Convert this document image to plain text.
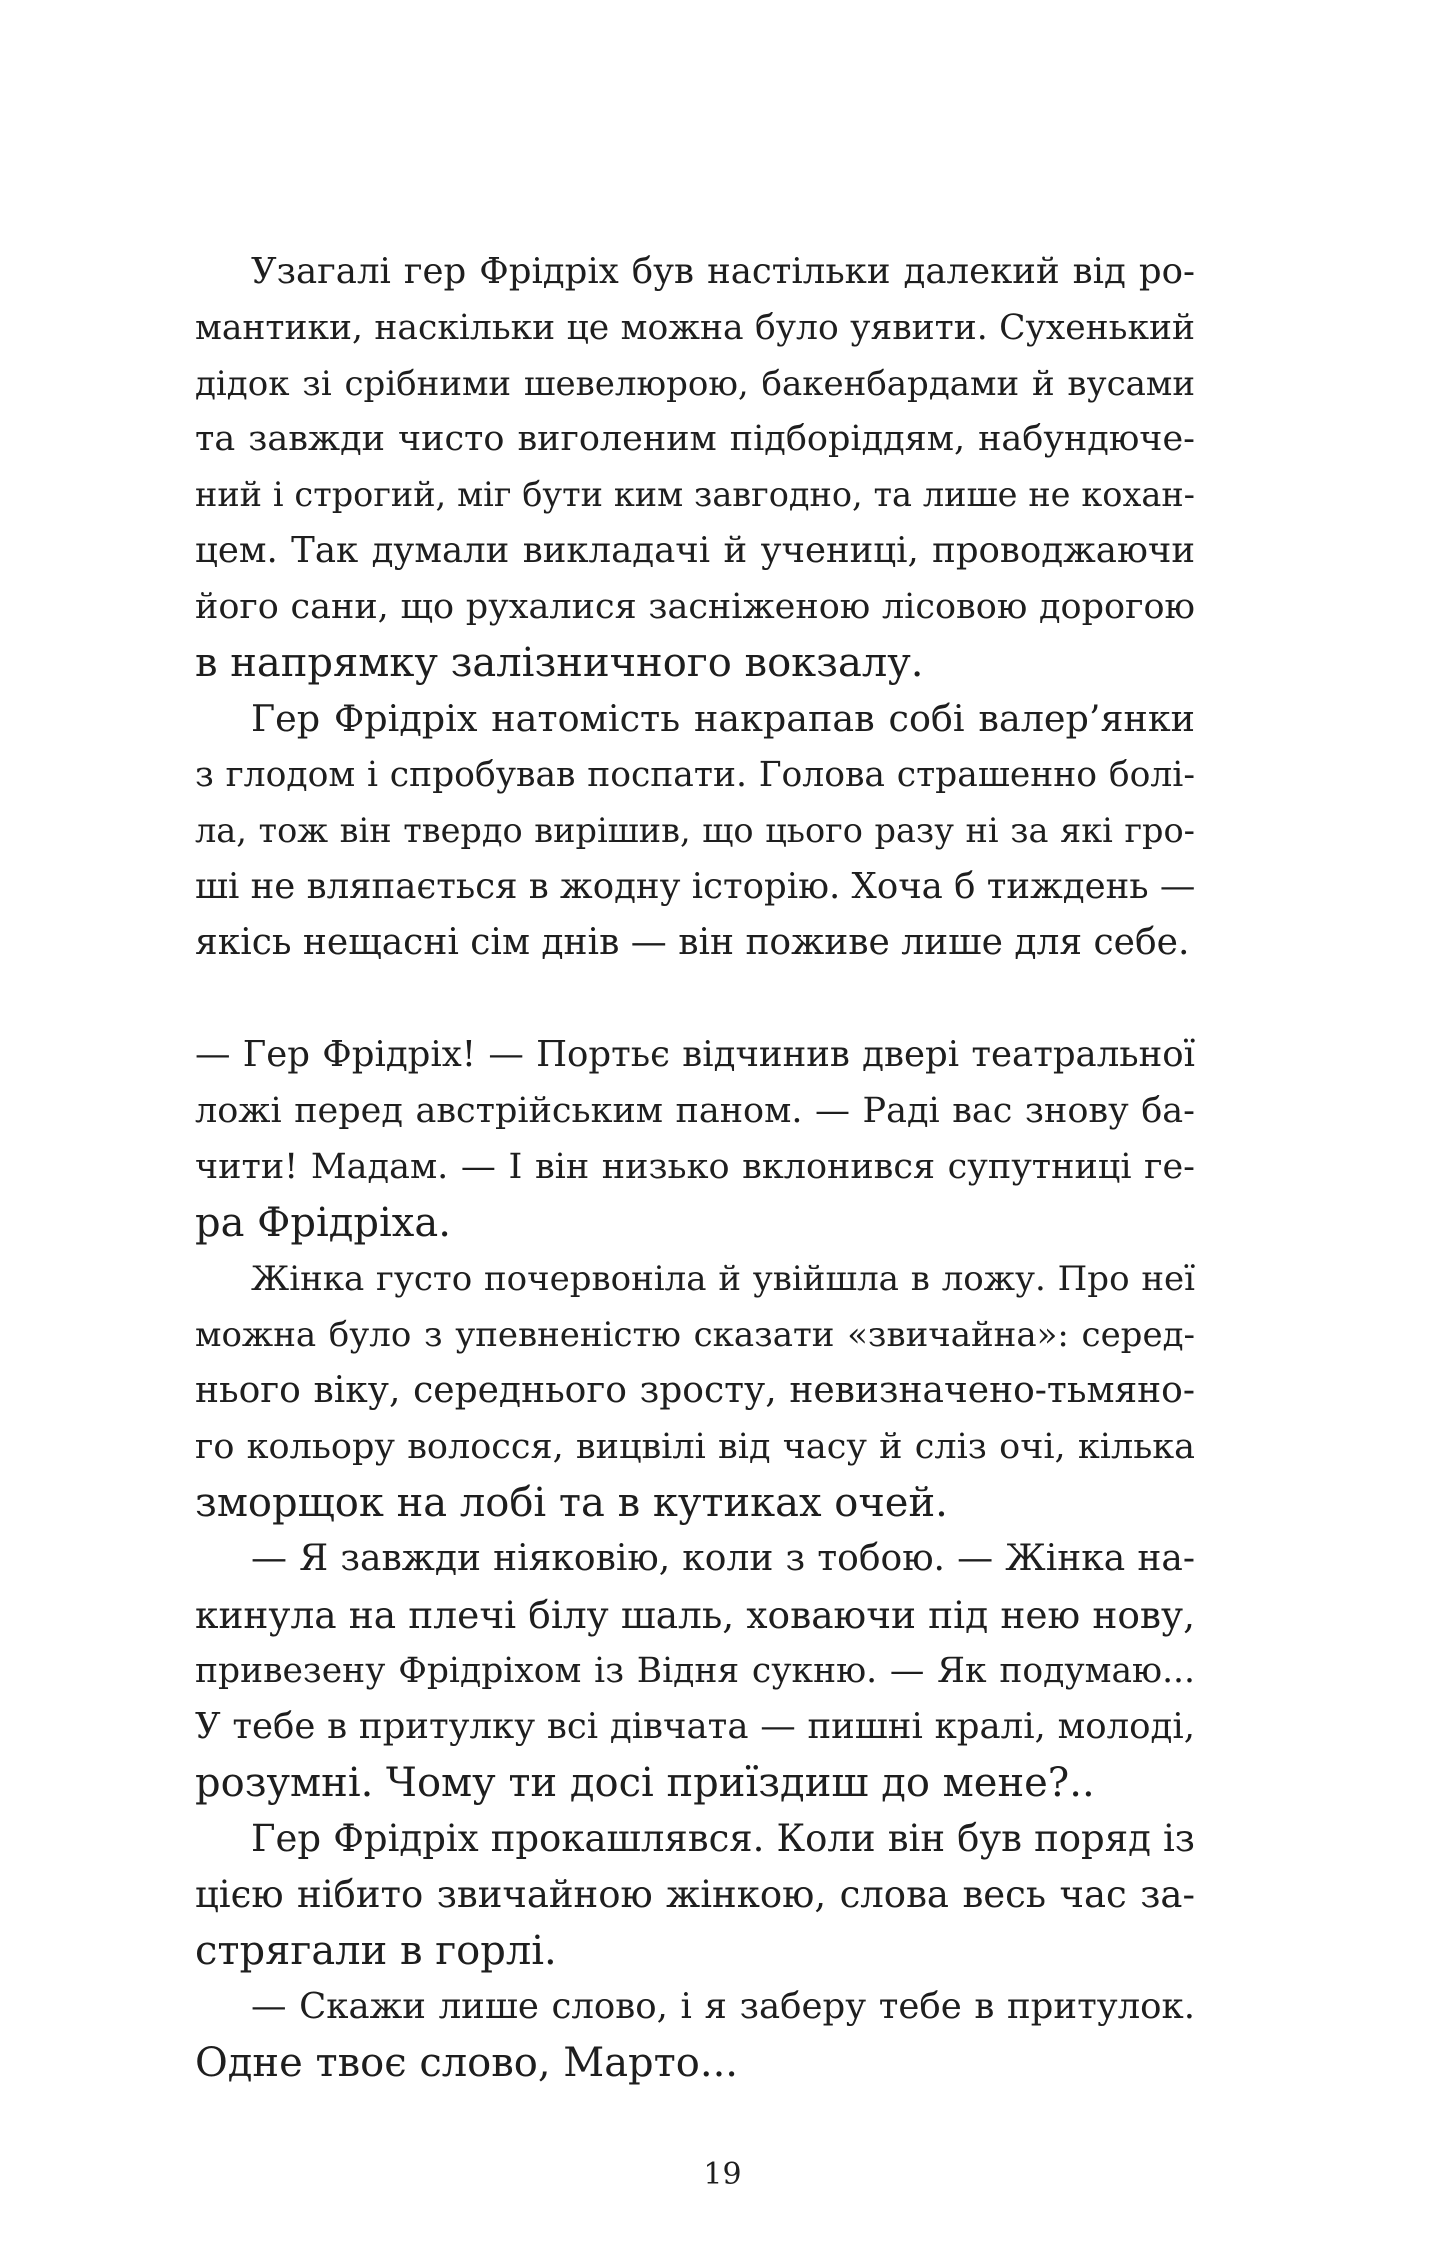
Узагалі гер Фрідріх був настільки далекий від ро-

мантики, наскільки це можна було уявити. Сухенький

дідок зі срібними шевелюрою, бакенбардами й вусами

та завжди чисто виголеним підборіддям, набундюче-

ний і строгий, міг бути ким завгодно, та лише не кохан-

цем. Так думали викладачі й учениці, проводжаючи

його сани, що рухалися засніженою лісовою дорогою

в напрямку залізничного вокзалу.

Гер Фрідріх натомість накрапав собі валер’янки

з глодом і спробував поспати. Голова страшенно болі-

ла, тож він твердо вирішив, що цього разу ні за які гро-

ші не вляпається в жодну історію. Хоча б тиждень —

якісь нещасні сім днів — він поживе лише для себе.

— Гер Фрідріх! — Портьє відчинив двері театральної

ложі перед австрійським паном. — Раді вас знову ба-

чити! Мадам. — І він низько вклонився супутниці ге-

ра Фрідріха.

Жінка густо почервоніла й увійшла в ложу. Про неї

можна було з упевненістю сказати «звичайна»: серед-

нього віку, середнього зросту, невизначено-тьмяно-

го кольору волосся, вицвілі від часу й сліз очі, кілька

зморщок на лобі та в кутиках очей.

— Я завжди ніяковію, коли з тобою. — Жінка на-

кинула на плечі білу шаль, ховаючи під нею нову,

привезену Фрідріхом із Відня сукню. — Як подумаю...

У тебе в притулку всі дівчата — пишні кралі, молоді,

розумні. Чому ти досі приїздиш до мене?..

Гер Фрідріх прокашлявся. Коли він був поряд із

цією нібито звичайною жінкою, слова весь час за-

стрягали в горлі.

— Скажи лише слово, і я заберу тебе в притулок.

Одне твоє слово, Марто...

19
